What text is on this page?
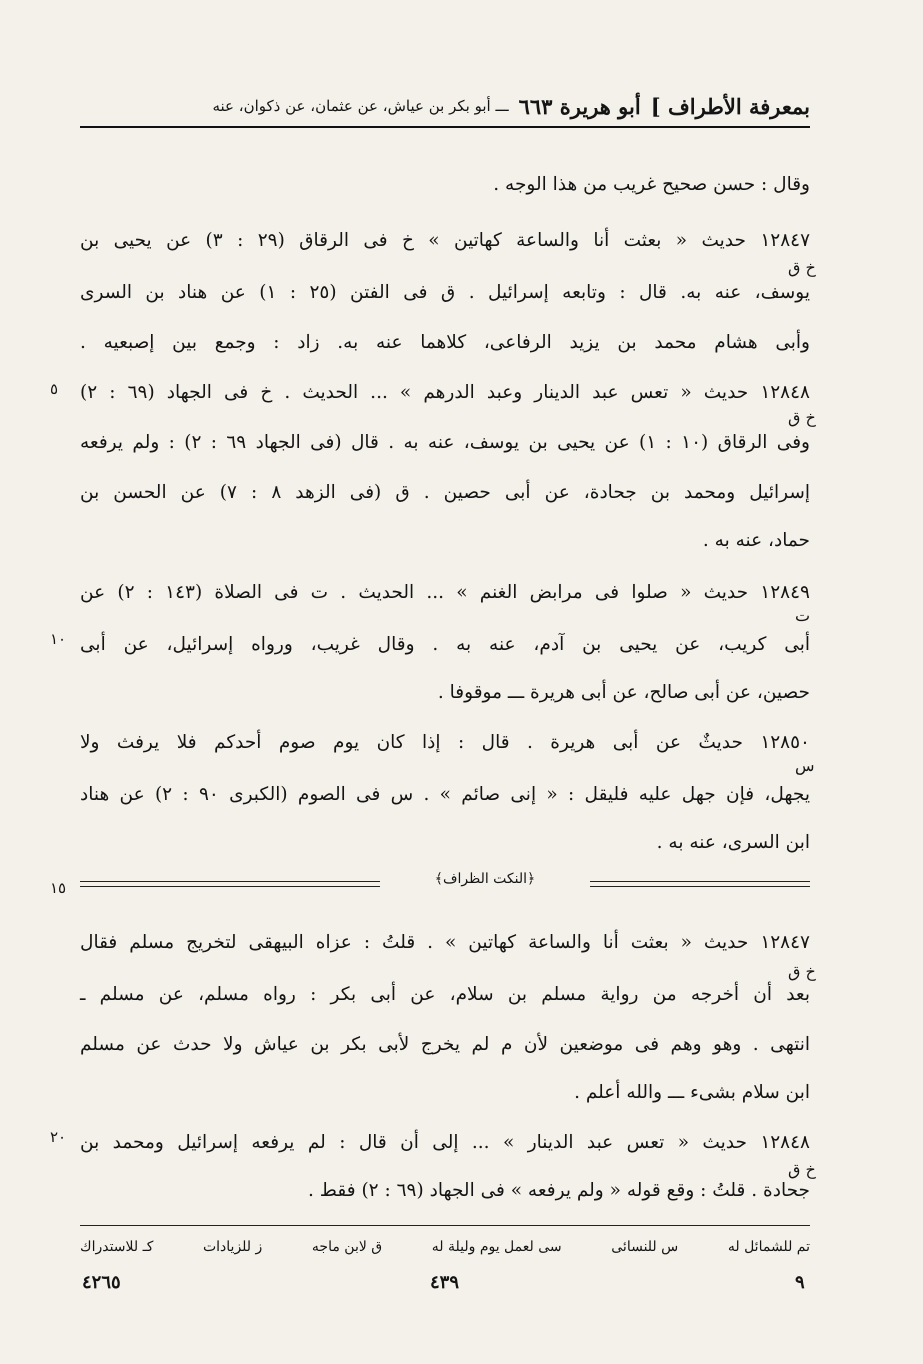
بمعرفة الأطراف ]
أبو هريرة ٦٦٣
ـــ أبو بكر بن عياش، عن عثمان، عن ذكوان، عنه
وقال : حسن صحيح غريب من هذا الوجه .
١٢٨٤٧ حديث « بعثت أنا والساعة كهاتين » خ فى الرقاق (٢٩ : ٣) عن يحيى بن
يوسف، عنه به. قال : وتابعه إسرائيل . ق فى الفتن (٢٥ : ١) عن هناد بن السرى
وأبى هشام محمد بن يزيد الرفاعى، كلاهما عنه به. زاد : وجمع بين إصبعيه .
١٢٨٤٨ حديث « تعس عبد الدينار وعبد الدرهم » ... الحديث . خ فى الجهاد (٦٩ : ٢)
وفى الرقاق (١٠ : ١) عن يحيى بن يوسف، عنه به . قال (فى الجهاد ٦٩ : ٢) : ولم يرفعه
إسرائيل ومحمد بن جحادة، عن أبى حصين . ق (فى الزهد ٨ : ٧) عن الحسن بن
حماد، عنه به .
١٢٨٤٩ حديث « صلوا فى مرابض الغنم » ... الحديث . ت فى الصلاة (١٤٣ : ٢) عن
أبى كريب، عن يحيى بن آدم، عنه به . وقال غريب، ورواه إسرائيل، عن أبى
حصين، عن أبى صالح، عن أبى هريرة ـــ موقوفا .
١٢٨٥٠ حديثٌ عن أبى هريرة . قال : إذا كان يوم صوم أحدكم فلا يرفث ولا
يجهل، فإن جهل عليه فليقل : « إنى صائم » . س فى الصوم (الكبرى ٩٠ : ٢) عن هناد
ابن السرى، عنه به .
خ ق
خ ق
ت
س
٥
١٠
١٥
٢٠
﴿النكت الظراف﴾
١٢٨٤٧ حديث « بعثت أنا والساعة كهاتين » . قلتُ : عزاه البيهقى لتخريج مسلم فقال
بعد أن أخرجه من رواية مسلم بن سلام، عن أبى بكر : رواه مسلم، عن مسلم ـ
انتهى . وهو وهم فى موضعين لأن م لم يخرج لأبى بكر بن عياش ولا حدث عن مسلم
ابن سلام بشىء ـــ والله أعلم .
١٢٨٤٨ حديث « تعس عبد الدينار » ... إلى أن قال : لم يرفعه إسرائيل ومحمد بن
جحادة . قلتُ : وقع قوله « ولم يرفعه » فى الجهاد (٦٩ : ٢) فقط .
خ ق
خ ق
تم للشمائل له
س للنسائى
سى لعمل يوم وليلة له
ق لابن ماجه
ز للزيادات
كـ للاستدراك
٩
٤٣٩
٤٢٦٥
